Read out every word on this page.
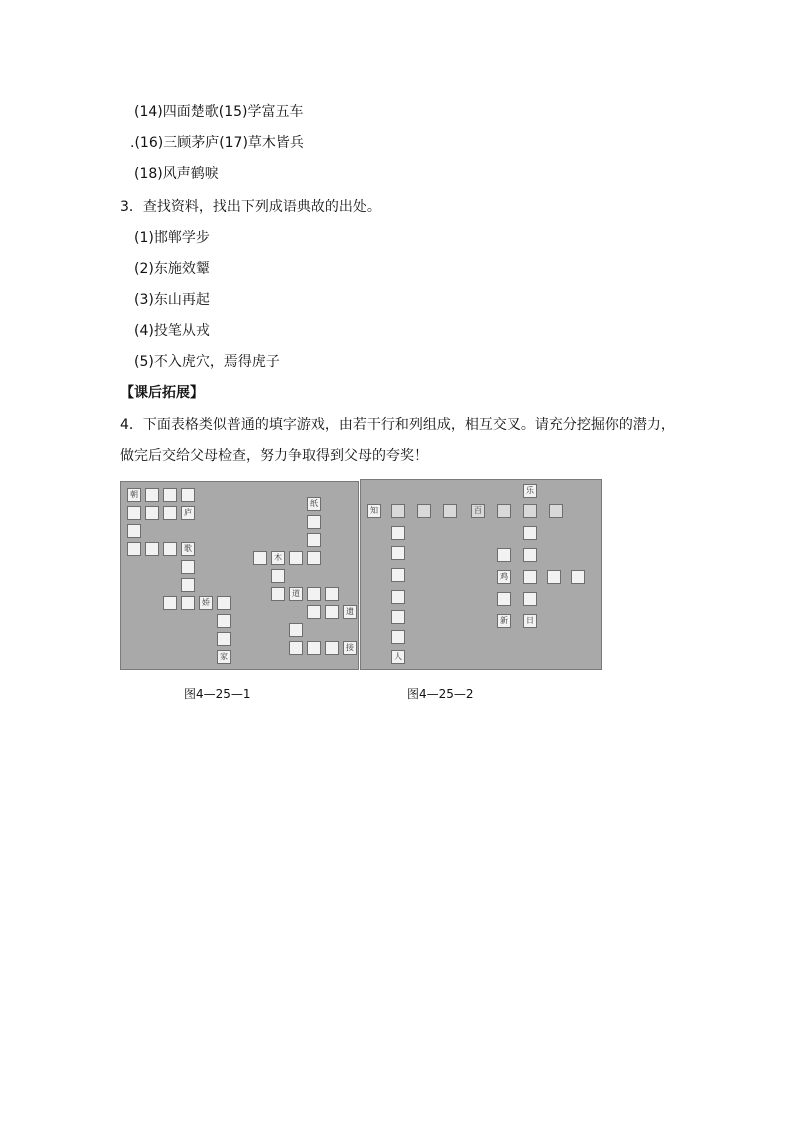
(14)四面楚歌(15)学富五车
.(16)三顾茅庐(17)草木皆兵
(18)风声鹤唳
3．查找资料，找出下列成语典故的出处。
(1)邯郸学步
(2)东施效颦
(3)东山再起
(4)投笔从戎
(5)不入虎穴，焉得虎子
【课后拓展】
4．下面表格类似普通的填字游戏，由若干行和列组成，相互交叉。请充分挖掘你的潜力，
做完后交给父母检查，努力争取得到父母的夸奖！
朝
庐
歌
娇
家
纸
木
道
遗
接
乐
知	百
人
鸡
新	日
图4—25—1	图4—25—2
